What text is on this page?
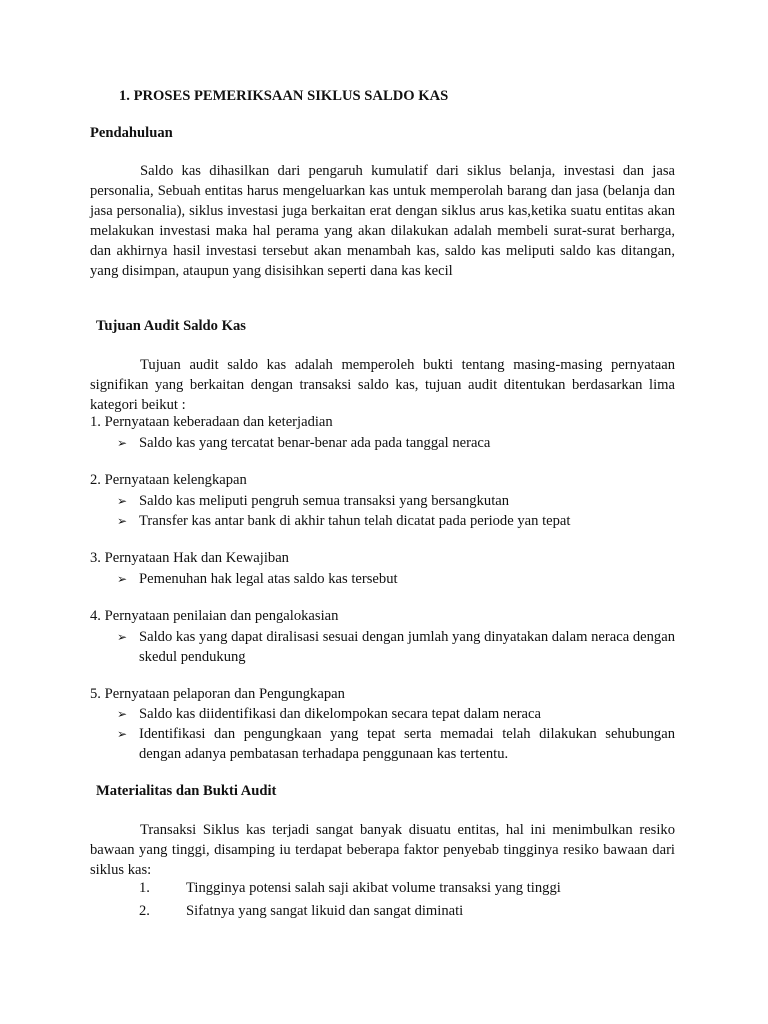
1. PROSES PEMERIKSAAN SIKLUS SALDO KAS
Pendahuluan
Saldo kas dihasilkan dari pengaruh kumulatif dari siklus belanja, investasi dan jasa personalia, Sebuah entitas harus mengeluarkan kas untuk memperolah barang dan jasa (belanja dan jasa personalia), siklus investasi juga berkaitan erat dengan siklus arus kas,ketika suatu entitas akan melakukan investasi maka hal perama yang akan dilakukan adalah membeli surat-surat berharga, dan akhirnya hasil investasi tersebut akan menambah kas, saldo kas meliputi saldo kas ditangan, yang disimpan, ataupun yang disisihkan seperti dana kas kecil
Tujuan Audit Saldo Kas
Tujuan audit saldo kas adalah memperoleh bukti tentang masing-masing pernyataan signifikan yang berkaitan dengan transaksi saldo kas, tujuan audit ditentukan berdasarkan lima kategori beikut :
1. Pernyataan keberadaan dan keterjadian
➢ Saldo kas yang tercatat benar-benar ada pada tanggal neraca
2. Pernyataan kelengkapan
➢ Saldo kas meliputi pengruh semua transaksi yang bersangkutan
➢ Transfer kas antar bank di akhir tahun telah dicatat pada periode yan tepat
3. Pernyataan Hak dan Kewajiban
➢ Pemenuhan hak legal atas saldo kas tersebut
4. Pernyataan penilaian dan pengalokasian
➢ Saldo kas yang dapat diralisasi sesuai dengan jumlah yang dinyatakan dalam neraca dengan skedul pendukung
5. Pernyataan pelaporan dan Pengungkapan
➢ Saldo kas diidentifikasi dan dikelompokan secara tepat dalam neraca
➢ Identifikasi dan pengungkaan yang tepat serta memadai telah dilakukan sehubungan dengan adanya pembatasan terhadapa penggunaan kas tertentu.
Materialitas dan Bukti Audit
Transaksi Siklus kas terjadi sangat banyak disuatu entitas, hal ini menimbulkan resiko bawaan yang tinggi, disamping iu terdapat beberapa faktor penyebab tingginya resiko bawaan dari siklus kas:
1. Tingginya potensi salah saji akibat volume transaksi yang tinggi
2. Sifatnya yang sangat likuid dan sangat diminati
